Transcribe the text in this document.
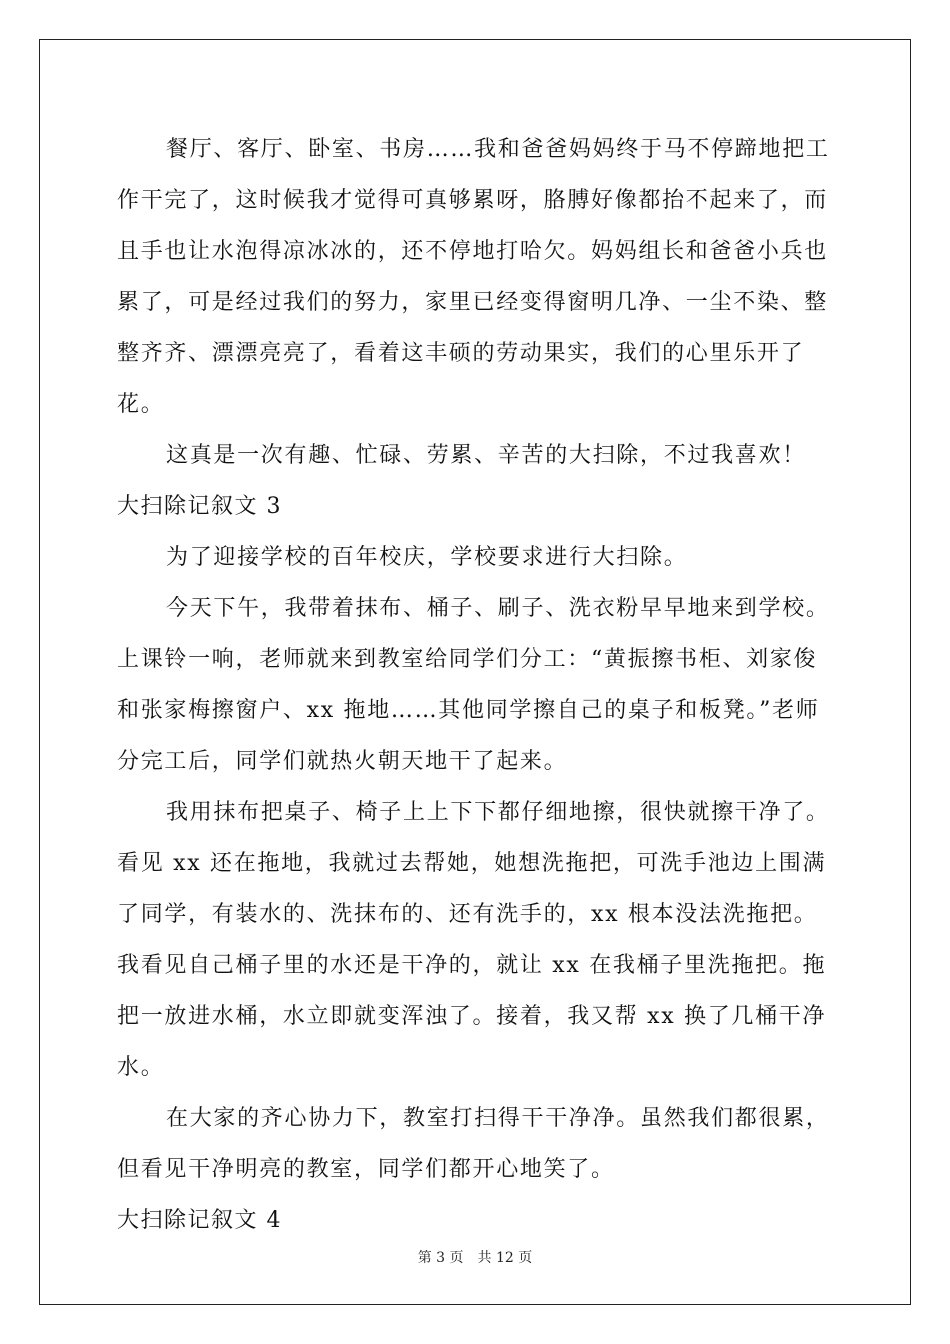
餐厅、客厅、卧室、书房……我和爸爸妈妈终于马不停蹄地把工作干完了，这时候我才觉得可真够累呀，胳膊好像都抬不起来了，而且手也让水泡得凉冰冰的，还不停地打哈欠。妈妈组长和爸爸小兵也累了，可是经过我们的努力，家里已经变得窗明几净、一尘不染、整整齐齐、漂漂亮亮了，看着这丰硕的劳动果实，我们的心里乐开了花。

这真是一次有趣、忙碌、劳累、辛苦的大扫除，不过我喜欢！

大扫除记叙文 3

为了迎接学校的百年校庆，学校要求进行大扫除。

今天下午，我带着抹布、桶子、刷子、洗衣粉早早地来到学校。上课铃一响，老师就来到教室给同学们分工：“黄振擦书柜、刘家俊和张家梅擦窗户、xx 拖地……其他同学擦自己的桌子和板凳。”老师分完工后，同学们就热火朝天地干了起来。

我用抹布把桌子、椅子上上下下都仔细地擦，很快就擦干净了。看见 xx 还在拖地，我就过去帮她，她想洗拖把，可洗手池边上围满了同学，有装水的、洗抹布的、还有洗手的，xx 根本没法洗拖把。我看见自己桶子里的水还是干净的，就让 xx 在我桶子里洗拖把。拖把一放进水桶，水立即就变浑浊了。接着，我又帮 xx 换了几桶干净水。

在大家的齐心协力下，教室打扫得干干净净。虽然我们都很累，但看见干净明亮的教室，同学们都开心地笑了。

大扫除记叙文 4

第 3 页 共 12 页
